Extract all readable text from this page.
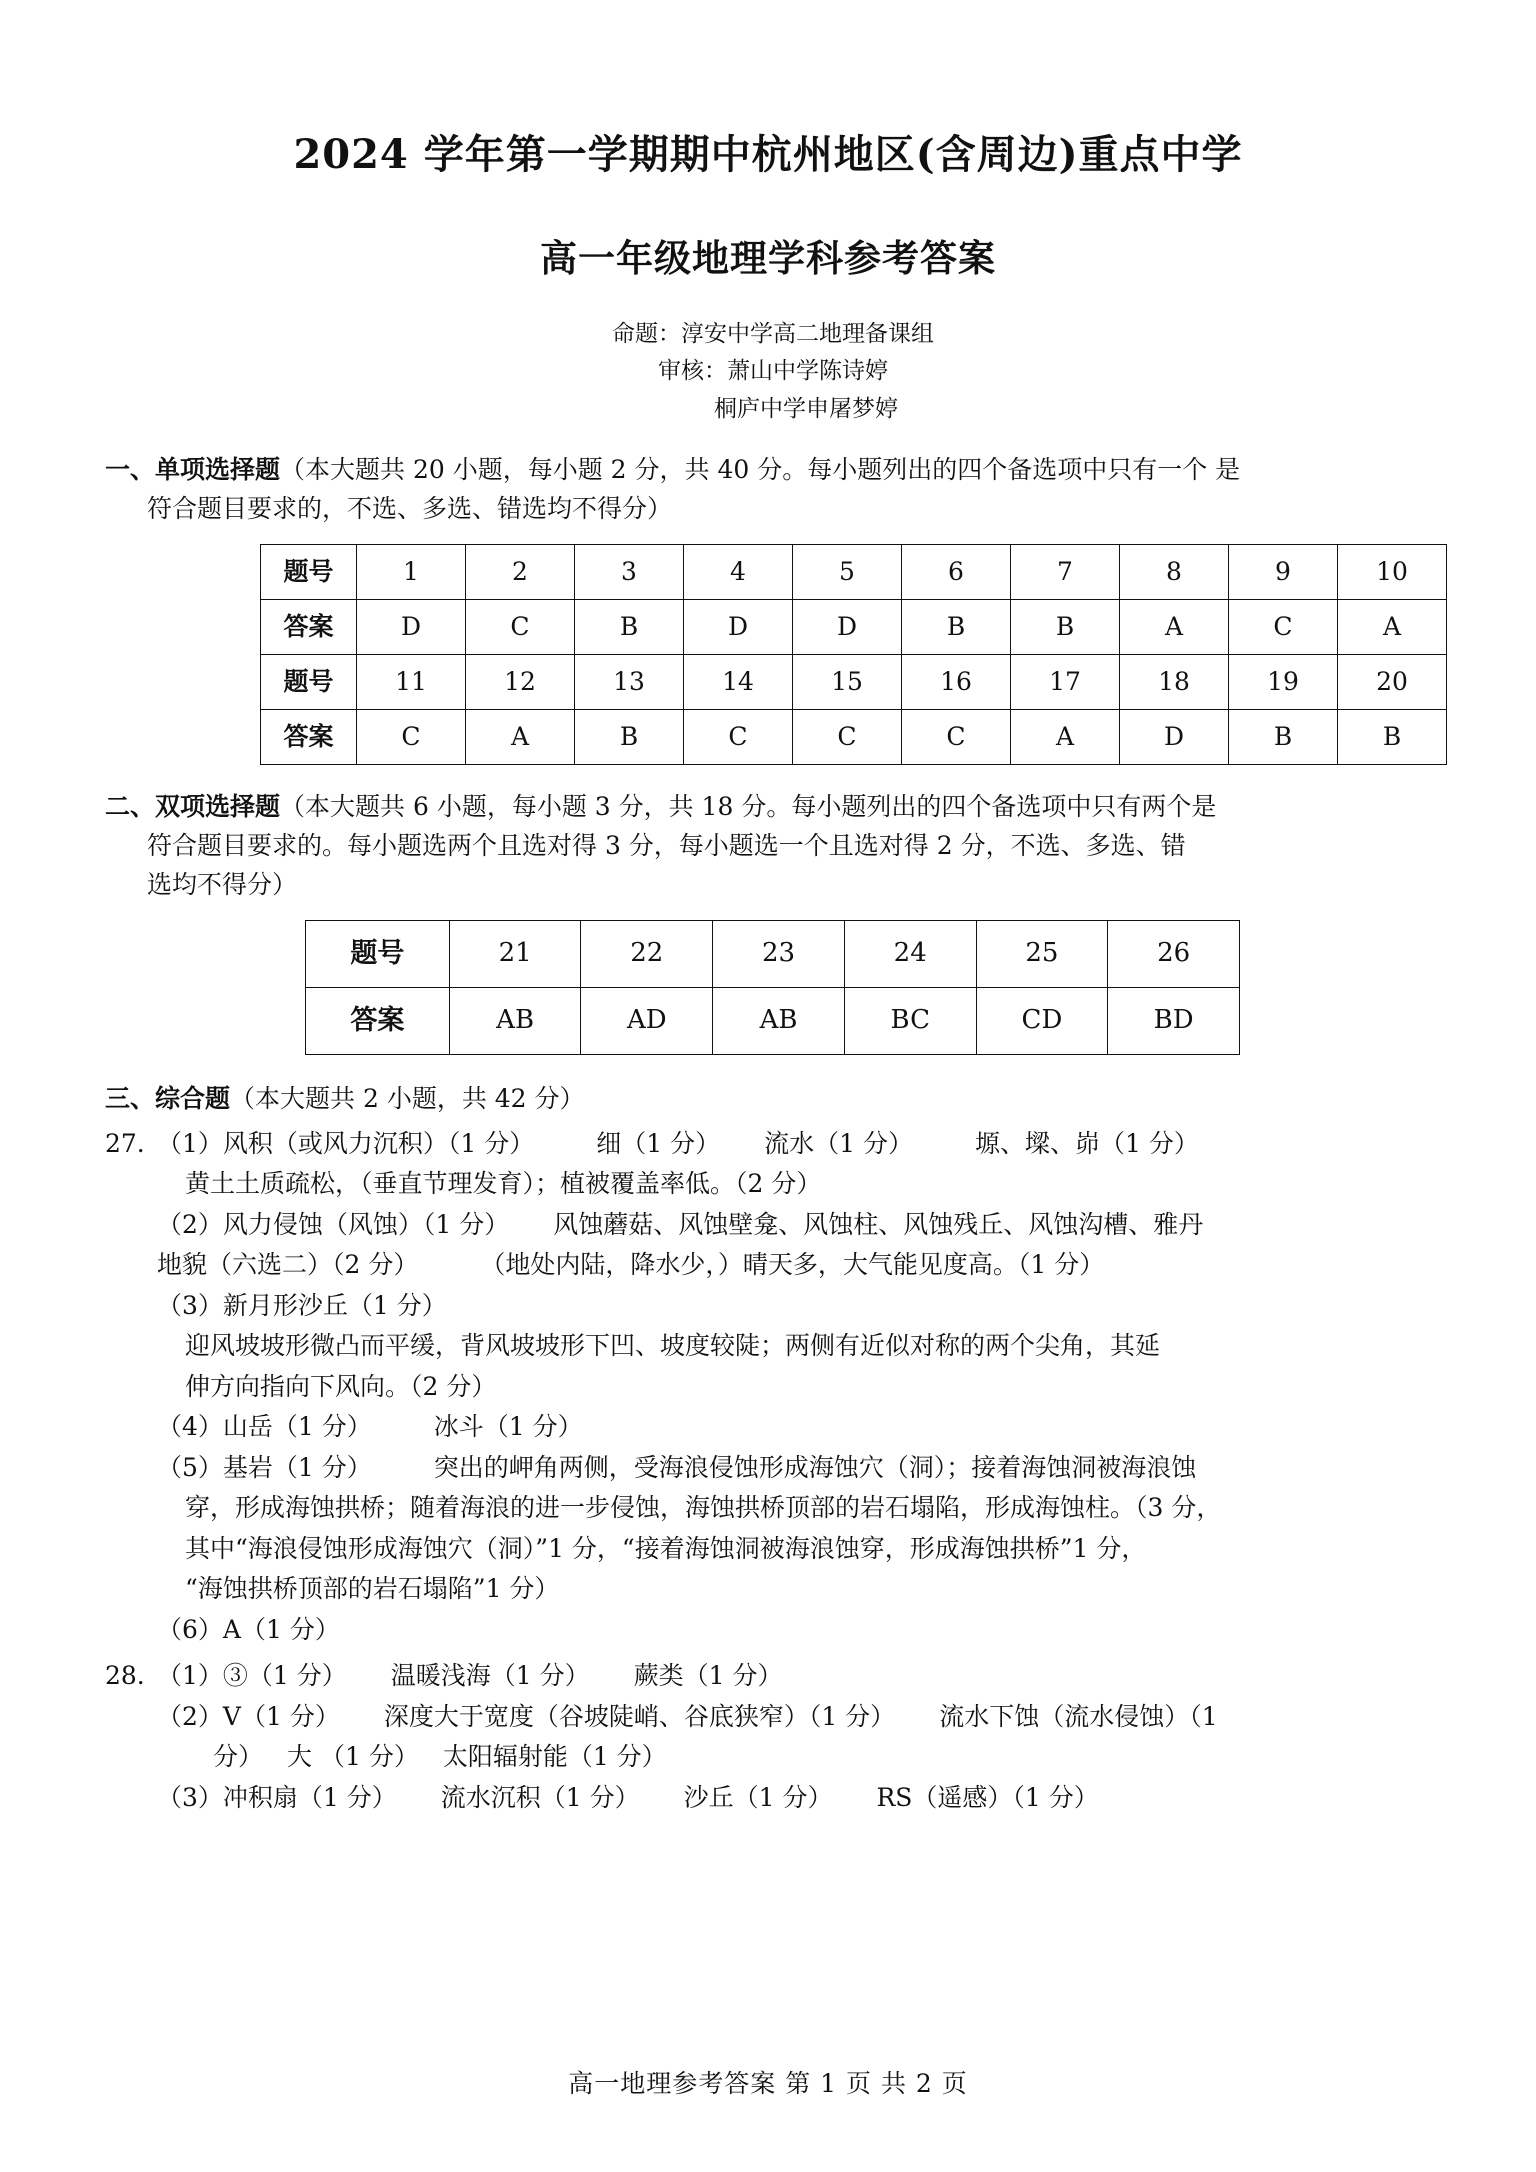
2024 学年第一学期期中杭州地区(含周边)重点中学
高一年级地理学科参考答案
命题：淳安中学高二地理备课组
审核：萧山中学陈诗婷
桐庐中学申屠梦婷
一、单项选择题（本大题共 20 小题，每小题 2 分，共 40 分。每小题列出的四个备选项中只有一个 是
符合题目要求的，不选、多选、错选均不得分）
题号	1	2	3	4	5	6	7	8	9	10
答案	D	C	B	D	D	B	B	A	C	A
题号	11	12	13	14	15	16	17	18	19	20
答案	C	A	B	C	C	C	A	D	B	B
二、双项选择题（本大题共 6 小题，每小题 3 分，共 18 分。每小题列出的四个备选项中只有两个是
符合题目要求的。每小题选两个且选对得 3 分，每小题选一个且选对得 2 分，不选、多选、错
选均不得分）
题号	21	22	23	24	25	26
答案	AB	AD	AB	BC	CD	BD
三、综合题（本大题共 2 小题，共 42 分）
27. （1）风积（或风力沉积）（1 分） 细（1 分） 流水（1 分） 塬、墚、峁（1 分）
黄土土质疏松，（垂直节理发育）；植被覆盖率低。（2 分）
（2）风力侵蚀（风蚀）（1 分） 风蚀蘑菇、风蚀壁龛、风蚀柱、风蚀残丘、风蚀沟槽、雅丹
地貌（六选二）（2 分） （地处内陆，降水少，）晴天多，大气能见度高。（1 分）
（3）新月形沙丘（1 分）
迎风坡坡形微凸而平缓，背风坡坡形下凹、坡度较陡；两侧有近似对称的两个尖角，其延
伸方向指向下风向。（2 分）
（4）山岳（1 分） 冰斗（1 分）
（5）基岩（1 分） 突出的岬角两侧，受海浪侵蚀形成海蚀穴（洞）；接着海蚀洞被海浪蚀
穿，形成海蚀拱桥；随着海浪的进一步侵蚀，海蚀拱桥顶部的岩石塌陷，形成海蚀柱。（3 分，
其中“海浪侵蚀形成海蚀穴（洞）”1 分，“接着海蚀洞被海浪蚀穿，形成海蚀拱桥”1 分，
“海蚀拱桥顶部的岩石塌陷”1 分）
（6）A（1 分）
28. （1）③（1 分） 温暖浅海（1 分） 蕨类（1 分）
（2）V（1 分） 深度大于宽度（谷坡陡峭、谷底狭窄）（1 分） 流水下蚀（流水侵蚀）（1
分） 大 （1 分） 太阳辐射能（1 分）
（3）冲积扇（1 分） 流水沉积（1 分） 沙丘（1 分） RS（遥感）（1 分）
高一地理参考答案 第 1 页 共 2 页
